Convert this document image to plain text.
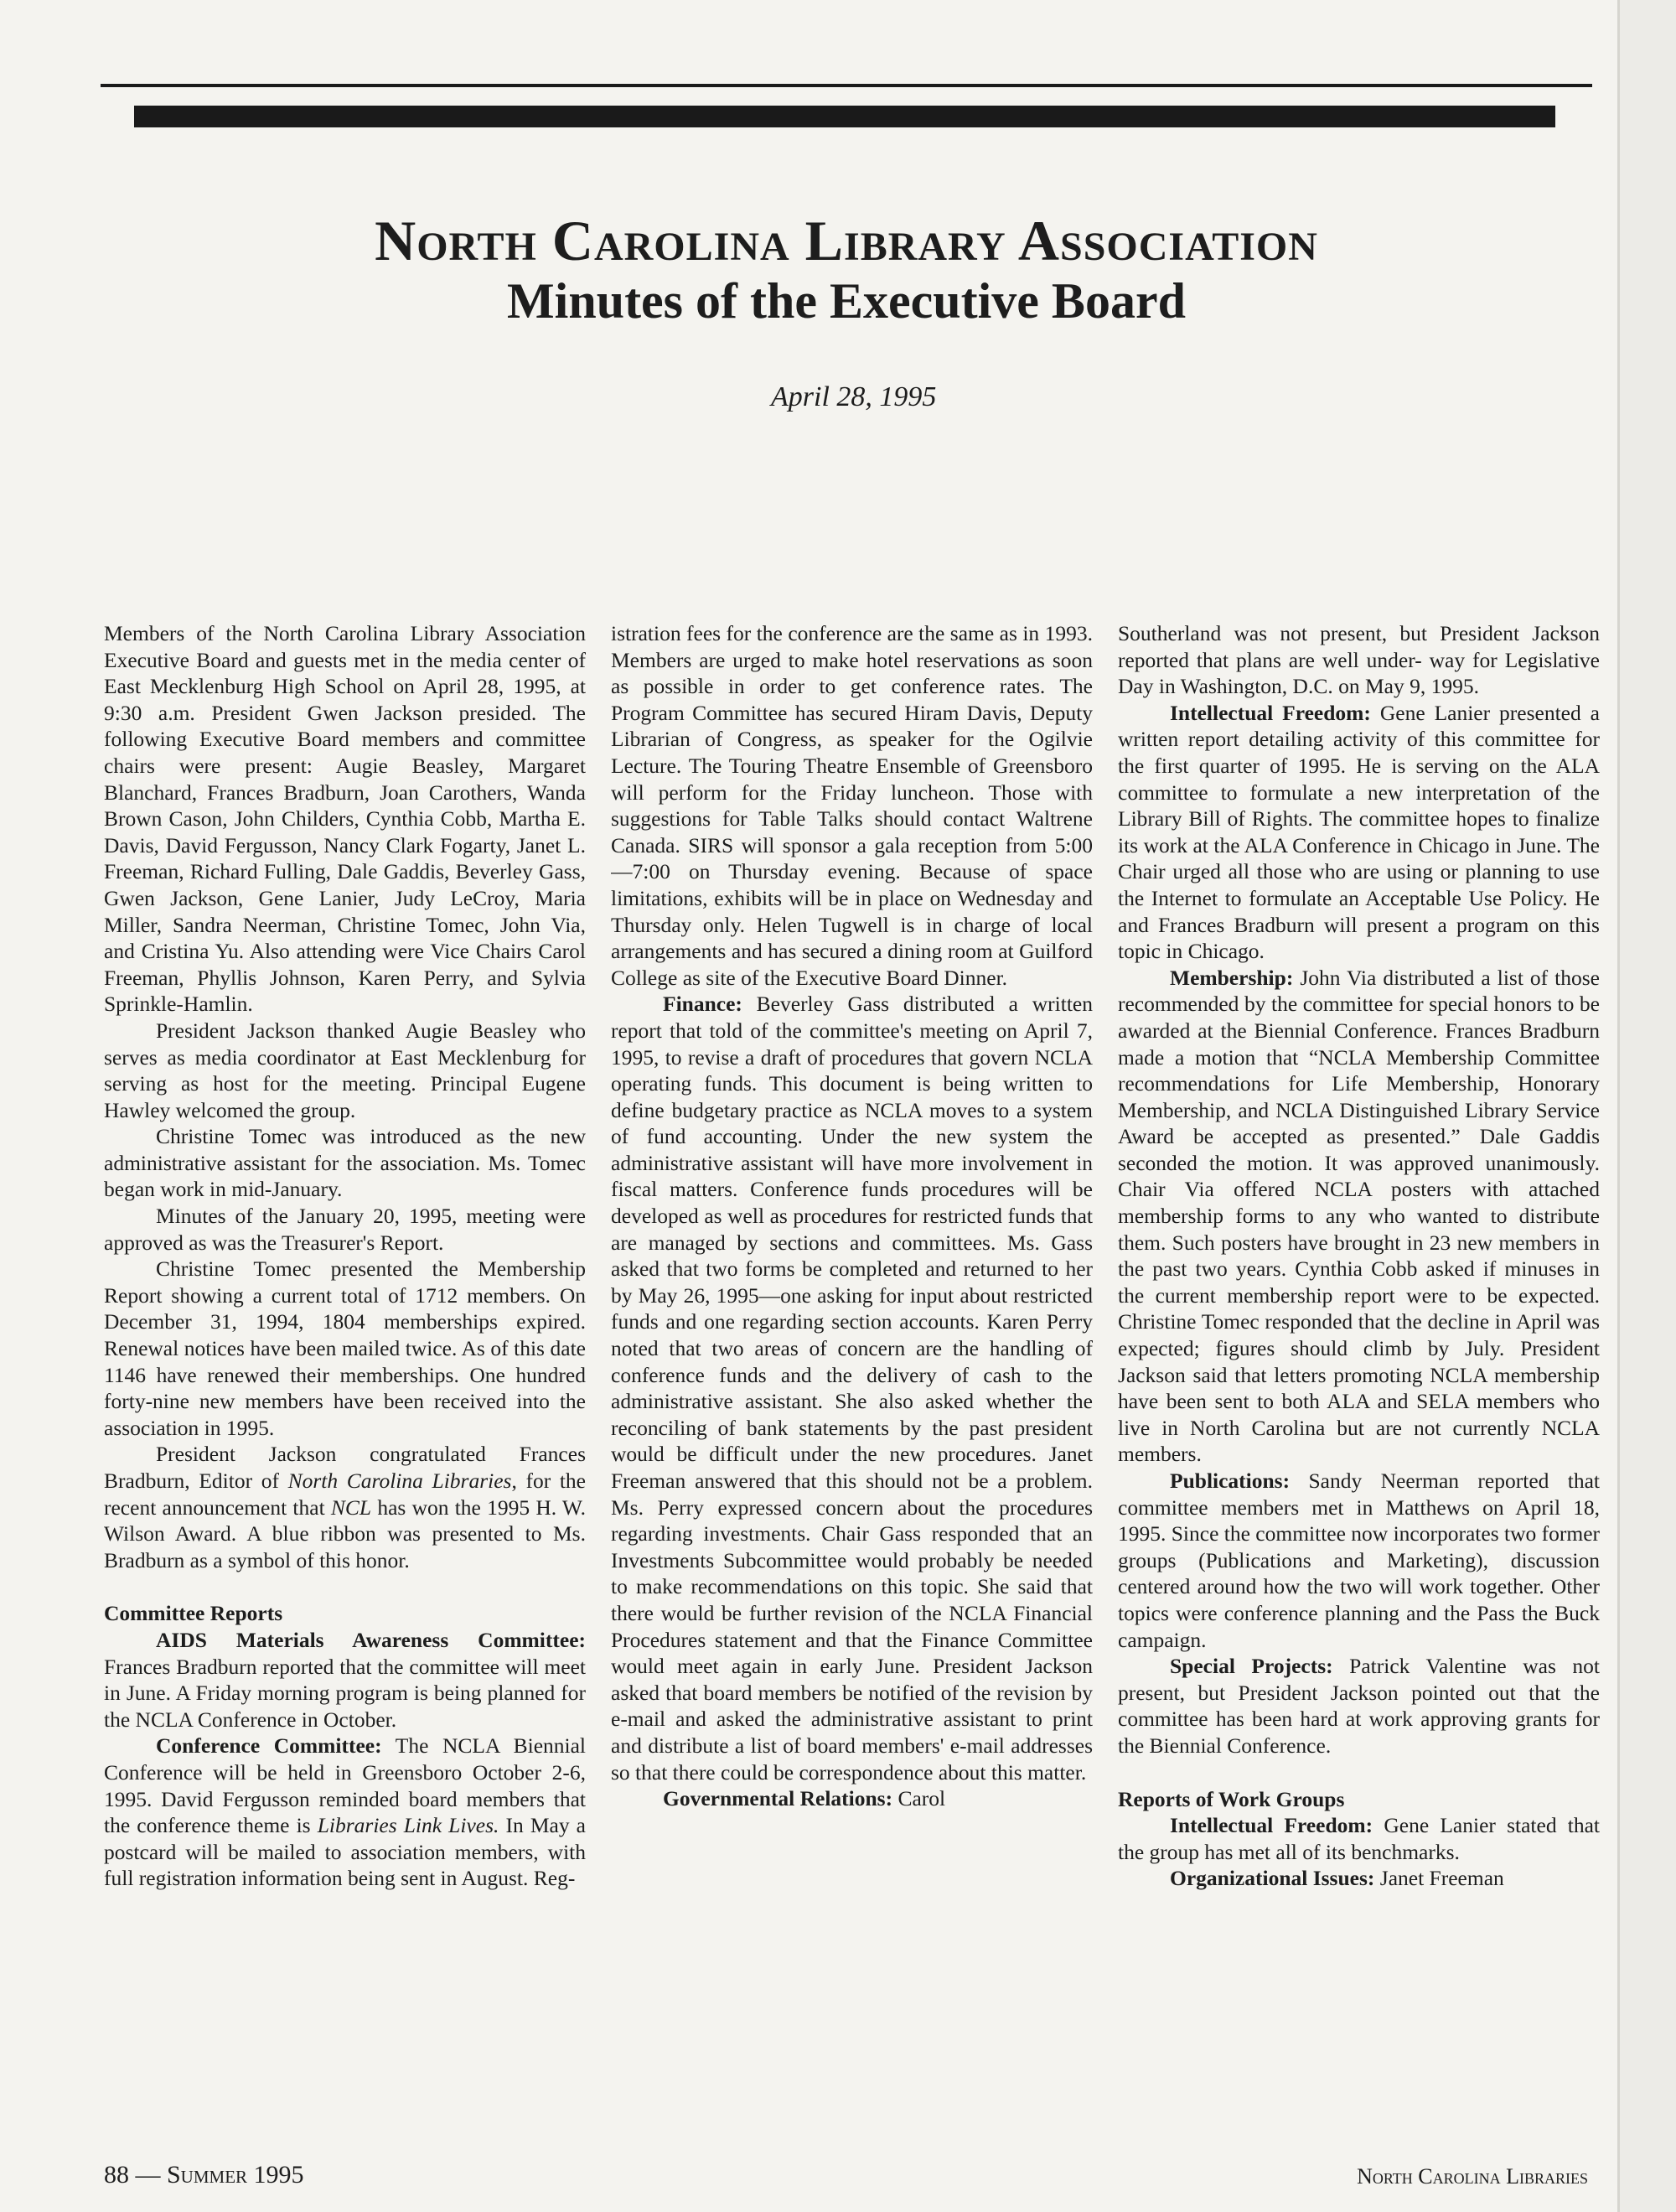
North Carolina Library Association
Minutes of the Executive Board
April 28, 1995

Members of the North Carolina Library Association Executive Board and guests met in the media center of East Mecklenburg High School on April 28, 1995, at 9:30 a.m. President Gwen Jackson presided. The following Executive Board members and committee chairs were present: Augie Beasley, Margaret Blanchard, Frances Bradburn, Joan Carothers, Wanda Brown Cason, John Childers, Cynthia Cobb, Martha E. Davis, David Fergusson, Nancy Clark Fogarty, Janet L. Freeman, Richard Fulling, Dale Gaddis, Beverley Gass, Gwen Jackson, Gene Lanier, Judy LeCroy, Maria Miller, Sandra Neerman, Christine Tomec, John Via, and Cristina Yu. Also attending were Vice Chairs Carol Freeman, Phyllis Johnson, Karen Perry, and Sylvia Sprinkle-Hamlin.

President Jackson thanked Augie Beasley who serves as media coordinator at East Mecklenburg for serving as host for the meeting. Principal Eugene Hawley welcomed the group.

Christine Tomec was introduced as the new administrative assistant for the association. Ms. Tomec began work in mid-January.

Minutes of the January 20, 1995, meeting were approved as was the Treasurer's Report.

Christine Tomec presented the Membership Report showing a current total of 1712 members. On December 31, 1994, 1804 memberships expired. Renewal notices have been mailed twice. As of this date 1146 have renewed their memberships. One hundred forty-nine new members have been received into the association in 1995.

President Jackson congratulated Frances Bradburn, Editor of North Carolina Libraries, for the recent announcement that NCL has won the 1995 H. W. Wilson Award. A blue ribbon was presented to Ms. Bradburn as a symbol of this honor.

Committee Reports

AIDS Materials Awareness Committee: Frances Bradburn reported that the committee will meet in June. A Friday morning program is being planned for the NCLA Conference in October.

Conference Committee: The NCLA Biennial Conference will be held in Greensboro October 2-6, 1995. David Fergusson reminded board members that the conference theme is Libraries Link Lives. In May a postcard will be mailed to association members, with full registration information being sent in August. Reg-

istration fees for the conference are the same as in 1993. Members are urged to make hotel reservations as soon as possible in order to get conference rates. The Program Committee has secured Hiram Davis, Deputy Librarian of Congress, as speaker for the Ogilvie Lecture. The Touring Theatre Ensemble of Greensboro will perform for the Friday luncheon. Those with suggestions for Table Talks should contact Waltrene Canada. SIRS will sponsor a gala reception from 5:00—7:00 on Thursday evening. Because of space limitations, exhibits will be in place on Wednesday and Thursday only. Helen Tugwell is in charge of local arrangements and has secured a dining room at Guilford College as site of the Executive Board Dinner.

Finance: Beverley Gass distributed a written report that told of the committee's meeting on April 7, 1995, to revise a draft of procedures that govern NCLA operating funds. This document is being written to define budgetary practice as NCLA moves to a system of fund accounting. Under the new system the administrative assistant will have more involvement in fiscal matters. Conference funds procedures will be developed as well as procedures for restricted funds that are managed by sections and committees. Ms. Gass asked that two forms be completed and returned to her by May 26, 1995—one asking for input about restricted funds and one regarding section accounts. Karen Perry noted that two areas of concern are the handling of conference funds and the delivery of cash to the administrative assistant. She also asked whether the reconciling of bank statements by the past president would be difficult under the new procedures. Janet Freeman answered that this should not be a problem. Ms. Perry expressed concern about the procedures regarding investments. Chair Gass responded that an Investments Subcommittee would probably be needed to make recommendations on this topic. She said that there would be further revision of the NCLA Financial Procedures statement and that the Finance Committee would meet again in early June. President Jackson asked that board members be notified of the revision by e-mail and asked the administrative assistant to print and distribute a list of board members' e-mail addresses so that there could be correspondence about this matter.

Governmental Relations: Carol

Southerland was not present, but President Jackson reported that plans are well under- way for Legislative Day in Washington, D.C. on May 9, 1995.

Intellectual Freedom: Gene Lanier presented a written report detailing activity of this committee for the first quarter of 1995. He is serving on the ALA committee to formulate a new interpretation of the Library Bill of Rights. The committee hopes to finalize its work at the ALA Conference in Chicago in June. The Chair urged all those who are using or planning to use the Internet to formulate an Acceptable Use Policy. He and Frances Bradburn will present a program on this topic in Chicago.

Membership: John Via distributed a list of those recommended by the committee for special honors to be awarded at the Biennial Conference. Frances Bradburn made a motion that “NCLA Membership Committee recommendations for Life Membership, Honorary Membership, and NCLA Distinguished Library Service Award be accepted as presented.” Dale Gaddis seconded the motion. It was approved unanimously. Chair Via offered NCLA posters with attached membership forms to any who wanted to distribute them. Such posters have brought in 23 new members in the past two years. Cynthia Cobb asked if minuses in the current membership report were to be expected. Christine Tomec responded that the decline in April was expected; figures should climb by July. President Jackson said that letters promoting NCLA membership have been sent to both ALA and SELA members who live in North Carolina but are not currently NCLA members.

Publications: Sandy Neerman reported that committee members met in Matthews on April 18, 1995. Since the committee now incorporates two former groups (Publications and Marketing), discussion centered around how the two will work together. Other topics were conference planning and the Pass the Buck campaign.

Special Projects: Patrick Valentine was not present, but President Jackson pointed out that the committee has been hard at work approving grants for the Biennial Conference.

Reports of Work Groups

Intellectual Freedom: Gene Lanier stated that the group has met all of its benchmarks.

Organizational Issues: Janet Freeman

88 — Summer 1995	North Carolina Libraries
